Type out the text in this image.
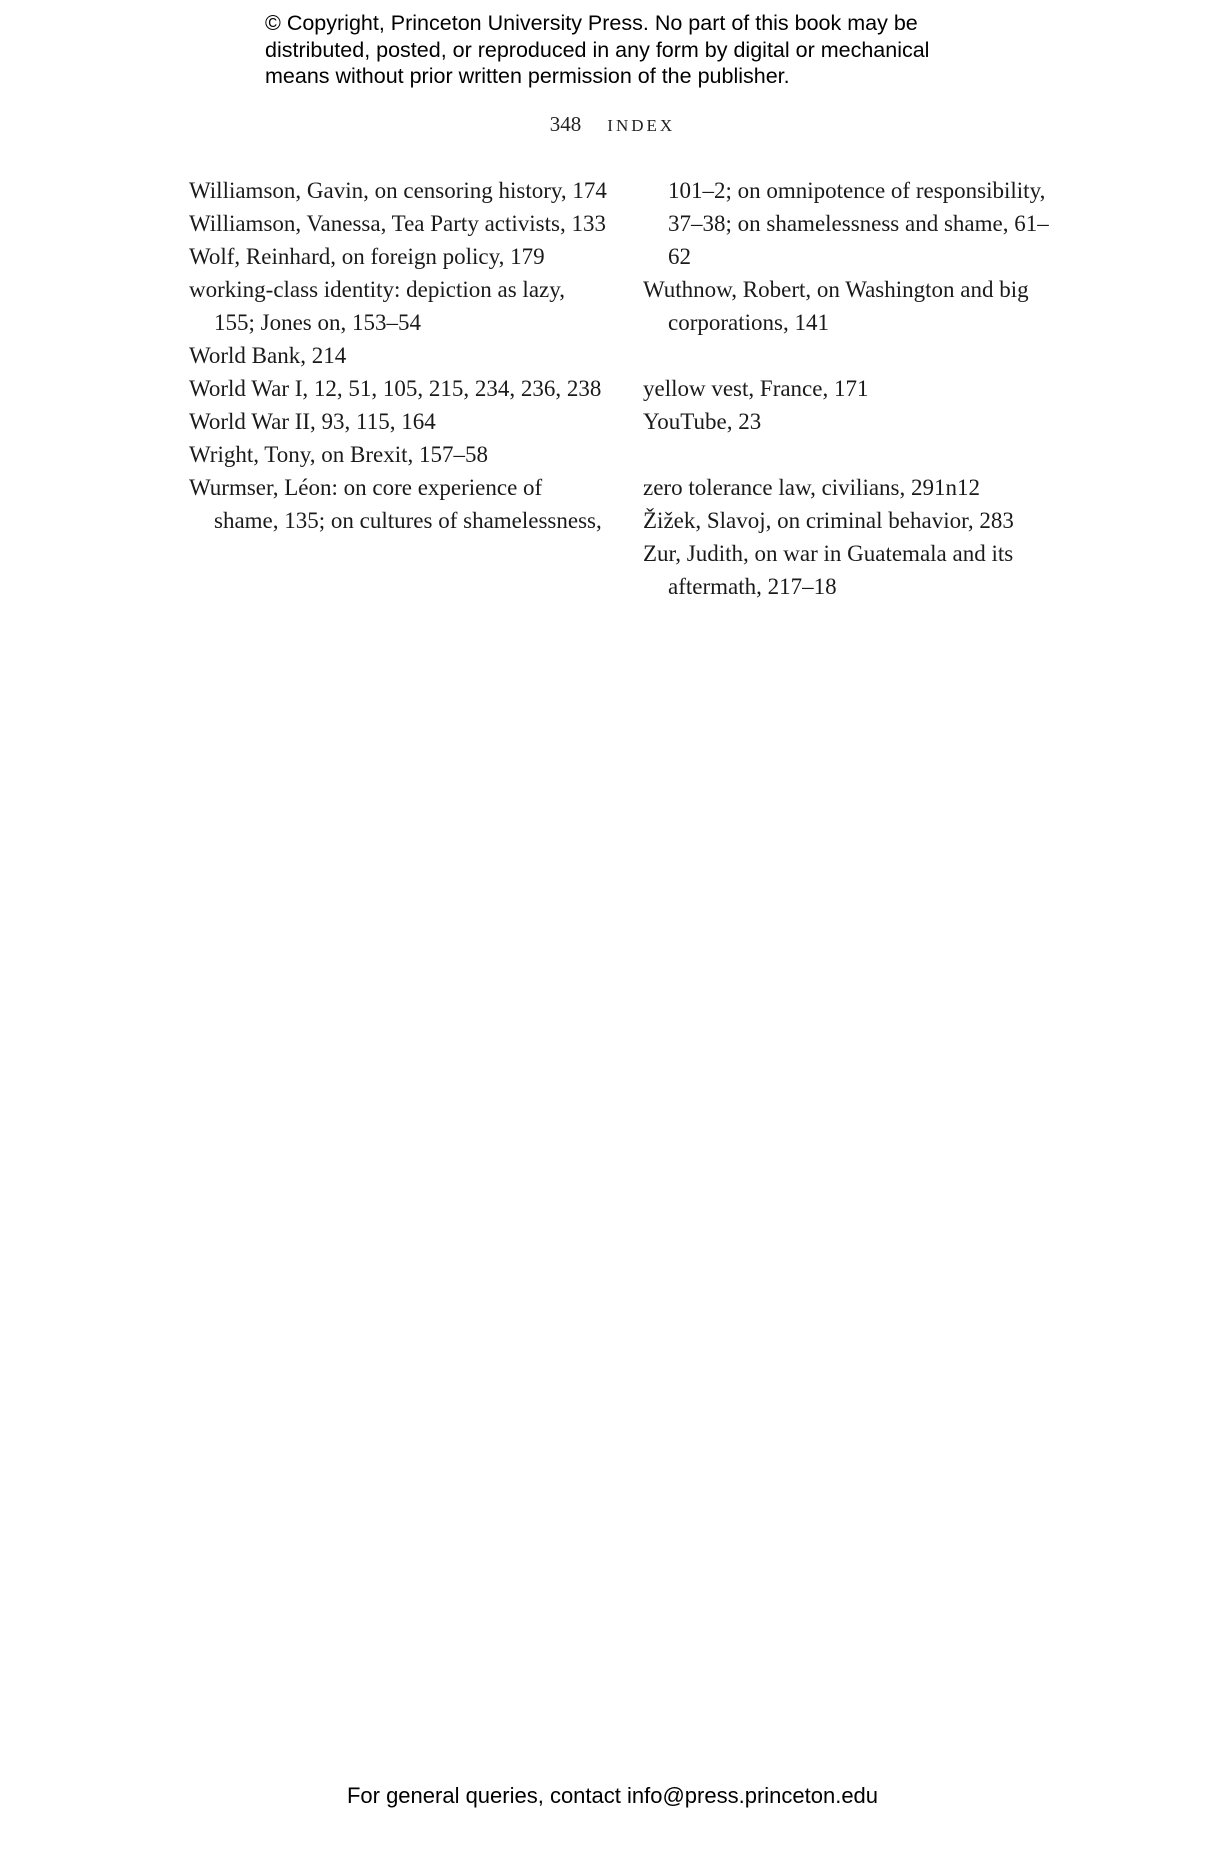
© Copyright, Princeton University Press. No part of this book may be
distributed, posted, or reproduced in any form by digital or mechanical
means without prior written permission of the publisher.
348 INDEX
Williamson, Gavin, on censoring history, 174
Williamson, Vanessa, Tea Party activists, 133
Wolf, Reinhard, on foreign policy, 179
working-class identity: depiction as lazy, 155; Jones on, 153–54
World Bank, 214
World War I, 12, 51, 105, 215, 234, 236, 238
World War II, 93, 115, 164
Wright, Tony, on Brexit, 157–58
Wurmser, Léon: on core experience of shame, 135; on cultures of shamelessness,
101–2; on omnipotence of responsibility, 37–38; on shamelessness and shame, 61–62
Wuthnow, Robert, on Washington and big corporations, 141
yellow vest, France, 171
YouTube, 23
zero tolerance law, civilians, 291n12
Žižek, Slavoj, on criminal behavior, 283
Zur, Judith, on war in Guatemala and its aftermath, 217–18
For general queries, contact info@press.princeton.edu
